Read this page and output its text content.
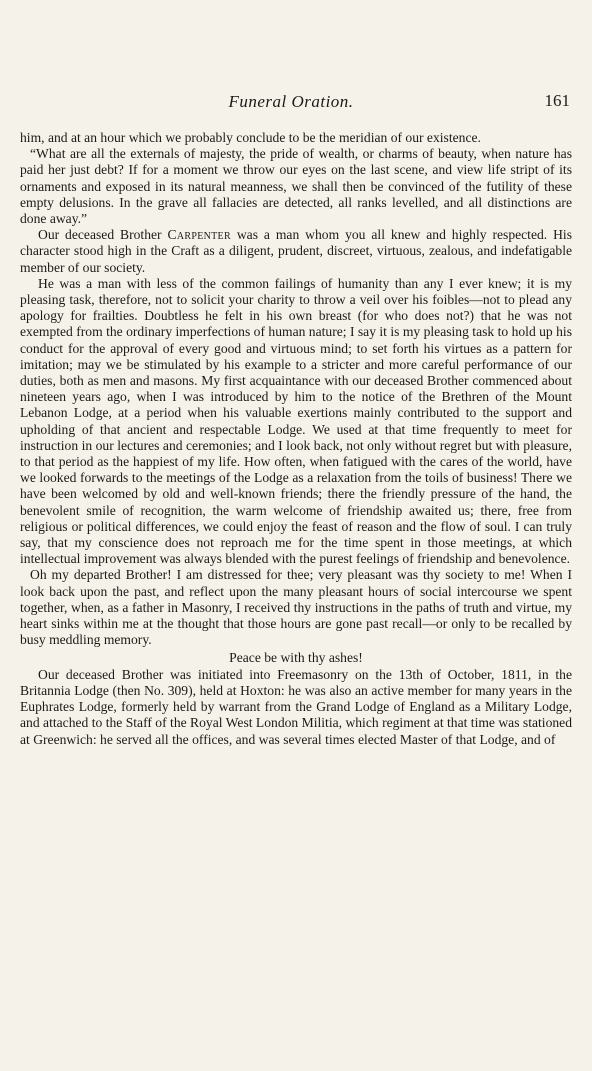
Funeral Oration.	161

him, and at an hour which we probably conclude to be the meridian of our existence.

“What are all the externals of majesty, the pride of wealth, or charms of beauty, when nature has paid her just debt? If for a moment we throw our eyes on the last scene, and view life stript of its ornaments and exposed in its natural meanness, we shall then be convinced of the futility of these empty delusions. In the grave all fallacies are detected, all ranks levelled, and all distinctions are done away.”

Our deceased Brother Carpenter was a man whom you all knew and highly respected. His character stood high in the Craft as a diligent, prudent, discreet, virtuous, zealous, and indefatigable member of our society.

He was a man with less of the common failings of humanity than any I ever knew; it is my pleasing task, therefore, not to solicit your charity to throw a veil over his foibles—not to plead any apology for frailties. Doubtless he felt in his own breast (for who does not?) that he was not exempted from the ordinary imperfections of human nature; I say it is my pleasing task to hold up his conduct for the approval of every good and virtuous mind; to set forth his virtues as a pattern for imitation; may we be stimulated by his example to a stricter and more careful performance of our duties, both as men and masons. My first acquaintance with our deceased Brother commenced about nineteen years ago, when I was introduced by him to the notice of the Brethren of the Mount Lebanon Lodge, at a period when his valuable exertions mainly contributed to the support and upholding of that ancient and respectable Lodge. We used at that time frequently to meet for instruction in our lectures and ceremonies; and I look back, not only without regret but with pleasure, to that period as the happiest of my life. How often, when fatigued with the cares of the world, have we looked forwards to the meetings of the Lodge as a relaxation from the toils of business! There we have been welcomed by old and well-known friends; there the friendly pressure of the hand, the benevolent smile of recognition, the warm welcome of friendship awaited us; there, free from religious or political differences, we could enjoy the feast of reason and the flow of soul. I can truly say, that my conscience does not reproach me for the time spent in those meetings, at which intellectual improvement was always blended with the purest feelings of friendship and benevolence.

Oh my departed Brother! I am distressed for thee; very pleasant was thy society to me! When I look back upon the past, and reflect upon the many pleasant hours of social intercourse we spent together, when, as a father in Masonry, I received thy instructions in the paths of truth and virtue, my heart sinks within me at the thought that those hours are gone past recall—or only to be recalled by busy meddling memory.

Peace be with thy ashes!

Our deceased Brother was initiated into Freemasonry on the 13th of October, 1811, in the Britannia Lodge (then No. 309), held at Hoxton: he was also an active member for many years in the Euphrates Lodge, formerly held by warrant from the Grand Lodge of England as a Military Lodge, and attached to the Staff of the Royal West London Militia, which regiment at that time was stationed at Greenwich: he served all the offices, and was several times elected Master of that Lodge, and of
